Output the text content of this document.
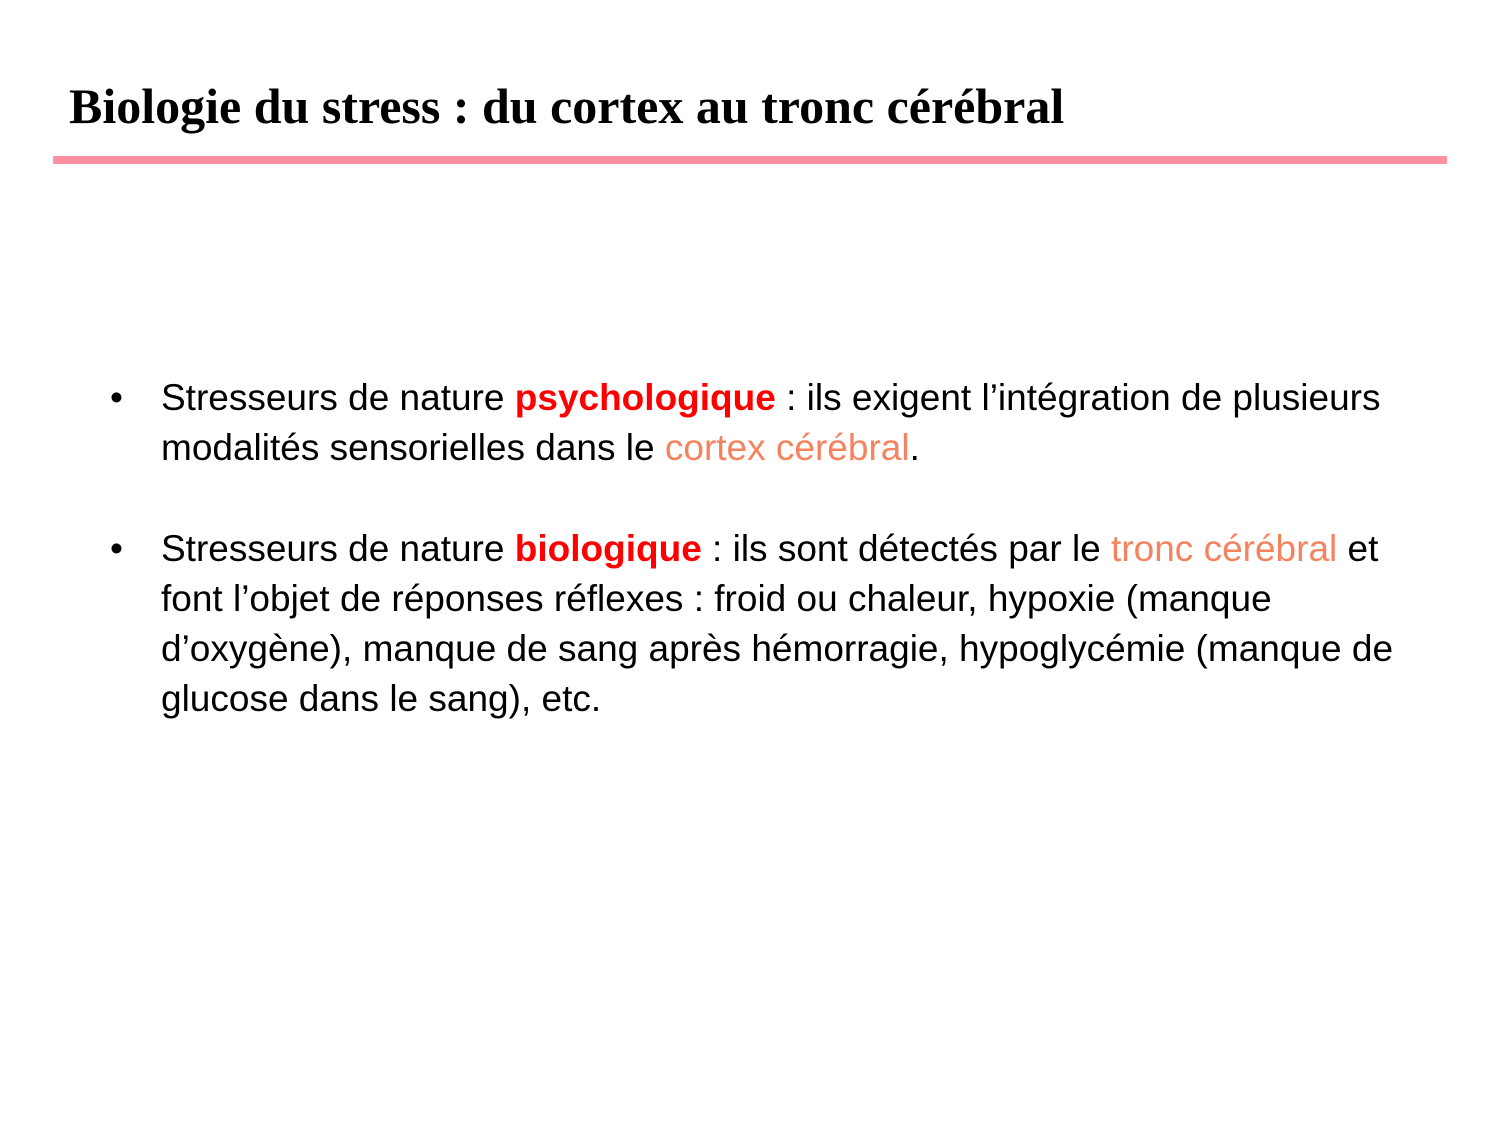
Biologie du stress : du cortex au tronc cérébral
• Stresseurs de nature psychologique : ils exigent l’intégration de plusieurs modalités sensorielles dans le cortex cérébral.
• Stresseurs de nature biologique : ils sont détectés par le tronc cérébral et font l’objet de réponses réflexes : froid ou chaleur, hypoxie (manque d’oxygène), manque de sang après hémorragie, hypoglycémie (manque de glucose dans le sang), etc.
